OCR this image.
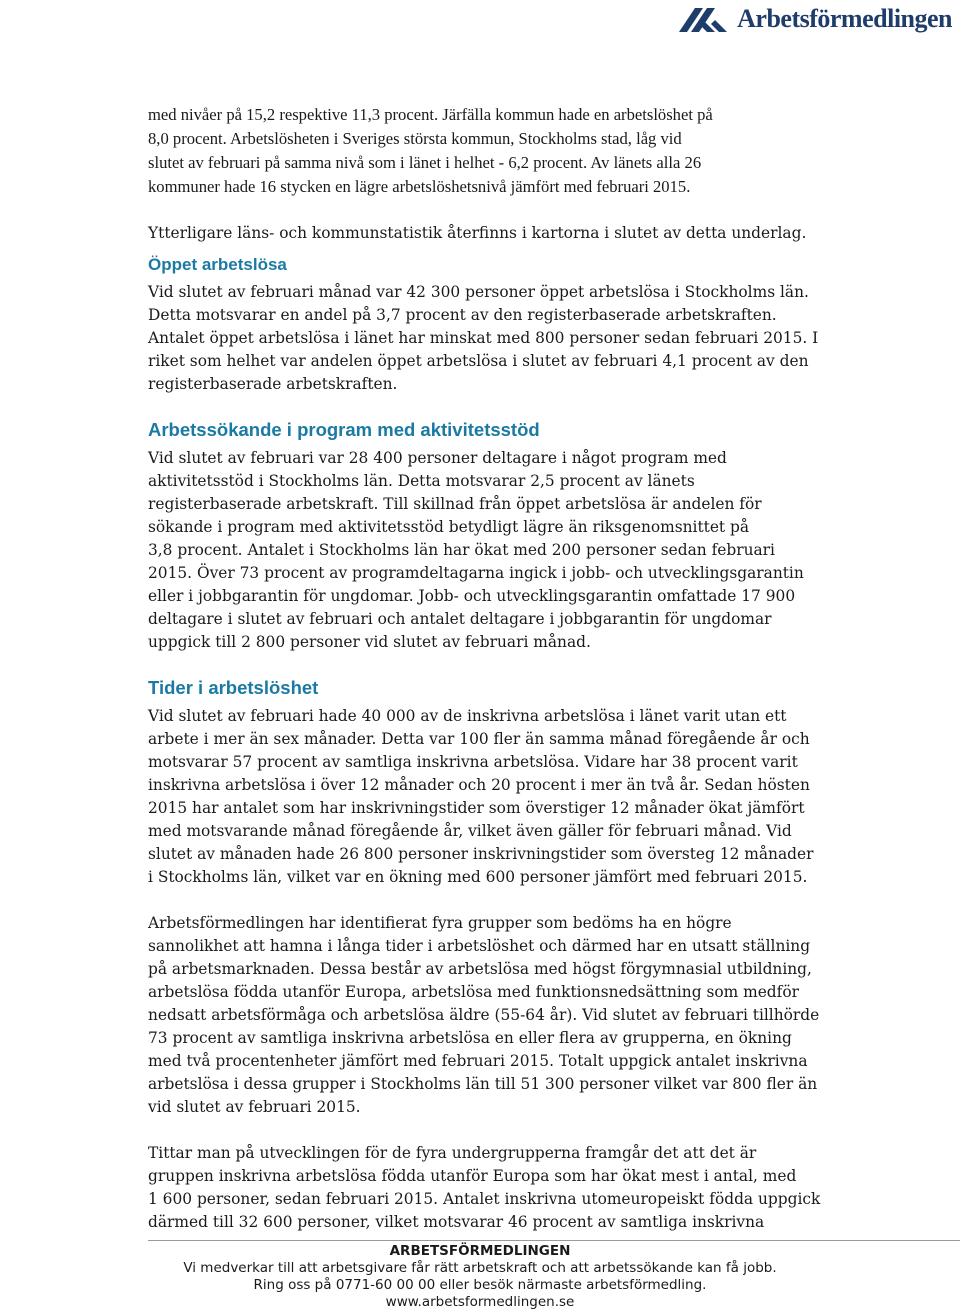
Arbetsförmedlingen

med nivåer på 15,2 respektive 11,3 procent. Järfälla kommun hade en arbetslöshet på
8,0 procent. Arbetslösheten i Sveriges största kommun, Stockholms stad, låg vid
slutet av februari på samma nivå som i länet i helhet - 6,2 procent. Av länets alla 26
kommuner hade 16 stycken en lägre arbetslöshetsnivå jämfört med februari 2015.

Ytterligare läns- och kommunstatistik återfinns i kartorna i slutet av detta underlag.

Öppet arbetslösa

Vid slutet av februari månad var 42 300 personer öppet arbetslösa i Stockholms län.
Detta motsvarar en andel på 3,7 procent av den registerbaserade arbetskraften.
Antalet öppet arbetslösa i länet har minskat med 800 personer sedan februari 2015. I
riket som helhet var andelen öppet arbetslösa i slutet av februari 4,1 procent av den
registerbaserade arbetskraften.

Arbetssökande i program med aktivitetsstöd

Vid slutet av februari var 28 400 personer deltagare i något program med
aktivitetsstöd i Stockholms län. Detta motsvarar 2,5 procent av länets
registerbaserade arbetskraft. Till skillnad från öppet arbetslösa är andelen för
sökande i program med aktivitetsstöd betydligt lägre än riksgenomsnittet på
3,8 procent. Antalet i Stockholms län har ökat med 200 personer sedan februari
2015. Över 73 procent av programdeltagarna ingick i jobb- och utvecklingsgarantin
eller i jobbgarantin för ungdomar. Jobb- och utvecklingsgarantin omfattade 17 900
deltagare i slutet av februari och antalet deltagare i jobbgarantin för ungdomar
uppgick till 2 800 personer vid slutet av februari månad.

Tider i arbetslöshet

Vid slutet av februari hade 40 000 av de inskrivna arbetslösa i länet varit utan ett
arbete i mer än sex månader. Detta var 100 fler än samma månad föregående år och
motsvarar 57 procent av samtliga inskrivna arbetslösa. Vidare har 38 procent varit
inskrivna arbetslösa i över 12 månader och 20 procent i mer än två år. Sedan hösten
2015 har antalet som har inskrivningstider som överstiger 12 månader ökat jämfört
med motsvarande månad föregående år, vilket även gäller för februari månad. Vid
slutet av månaden hade 26 800 personer inskrivningstider som översteg 12 månader
i Stockholms län, vilket var en ökning med 600 personer jämfört med februari 2015.

Arbetsförmedlingen har identifierat fyra grupper som bedöms ha en högre
sannolikhet att hamna i långa tider i arbetslöshet och därmed har en utsatt ställning
på arbetsmarknaden. Dessa består av arbetslösa med högst förgymnasial utbildning,
arbetslösa födda utanför Europa, arbetslösa med funktionsnedsättning som medför
nedsatt arbetsförmåga och arbetslösa äldre (55-64 år). Vid slutet av februari tillhörde
73 procent av samtliga inskrivna arbetslösa en eller flera av grupperna, en ökning
med två procentenheter jämfört med februari 2015. Totalt uppgick antalet inskrivna
arbetslösa i dessa grupper i Stockholms län till 51 300 personer vilket var 800 fler än
vid slutet av februari 2015.

Tittar man på utvecklingen för de fyra undergrupperna framgår det att det är
gruppen inskrivna arbetslösa födda utanför Europa som har ökat mest i antal, med
1 600 personer, sedan februari 2015. Antalet inskrivna utomeuropeiskt födda uppgick
därmed till 32 600 personer, vilket motsvarar 46 procent av samtliga inskrivna

ARBETSFÖRMEDLINGEN
Vi medverkar till att arbetsgivare får rätt arbetskraft och att arbetssökande kan få jobb.
Ring oss på 0771-60 00 00 eller besök närmaste arbetsförmedling.
www.arbetsformedlingen.se
